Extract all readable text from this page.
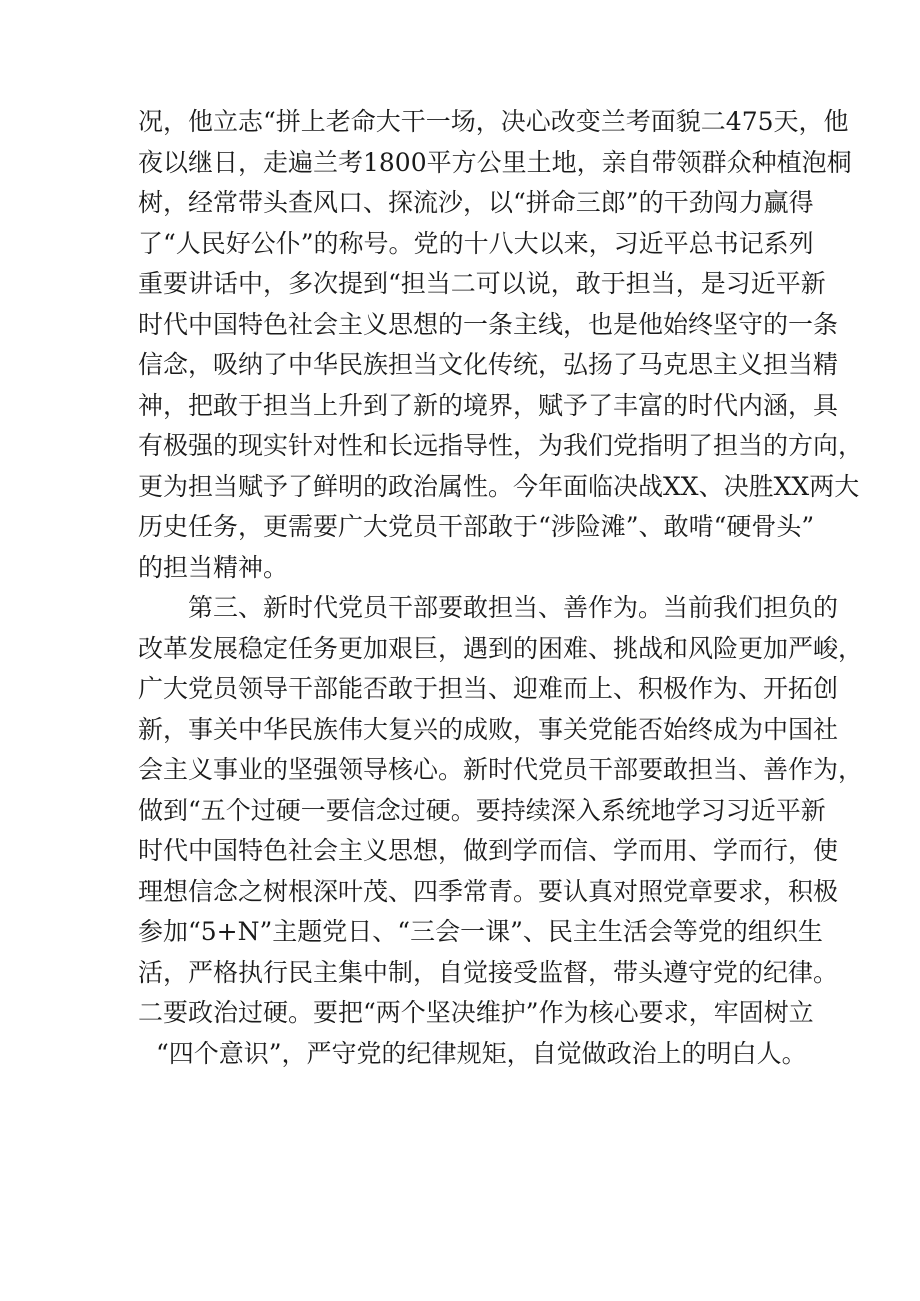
况，他立志“拼上老命大干一场，决心改变兰考面貌二475天，他
夜以继日，走遍兰考1800平方公里土地，亲自带领群众种植泡桐
树，经常带头查风口、探流沙，以“拼命三郎”的干劲闯力赢得
了“人民好公仆”的称号。党的十八大以来，习近平总书记系列
重要讲话中，多次提到“担当二可以说，敢于担当，是习近平新
时代中国特色社会主义思想的一条主线，也是他始终坚守的一条
信念，吸纳了中华民族担当文化传统，弘扬了马克思主义担当精
神，把敢于担当上升到了新的境界，赋予了丰富的时代内涵，具
有极强的现实针对性和长远指导性，为我们党指明了担当的方向，
更为担当赋予了鲜明的政治属性。今年面临决战XX、决胜XX两大
历史任务，更需要广大党员干部敢于“涉险滩”、敢啃“硬骨头”
的担当精神。
第三、新时代党员干部要敢担当、善作为。当前我们担负的
改革发展稳定任务更加艰巨，遇到的困难、挑战和风险更加严峻，
广大党员领导干部能否敢于担当、迎难而上、积极作为、开拓创
新，事关中华民族伟大复兴的成败，事关党能否始终成为中国社
会主义事业的坚强领导核心。新时代党员干部要敢担当、善作为，
做到“五个过硬一要信念过硬。要持续深入系统地学习习近平新
时代中国特色社会主义思想，做到学而信、学而用、学而行，使
理想信念之树根深叶茂、四季常青。要认真对照党章要求，积极
参加“5+N”主题党日、“三会一课”、民主生活会等党的组织生
活，严格执行民主集中制，自觉接受监督，带头遵守党的纪律。
二要政治过硬。要把“两个坚决维护”作为核心要求，牢固树立
“四个意识”，严守党的纪律规矩，自觉做政治上的明白人。
